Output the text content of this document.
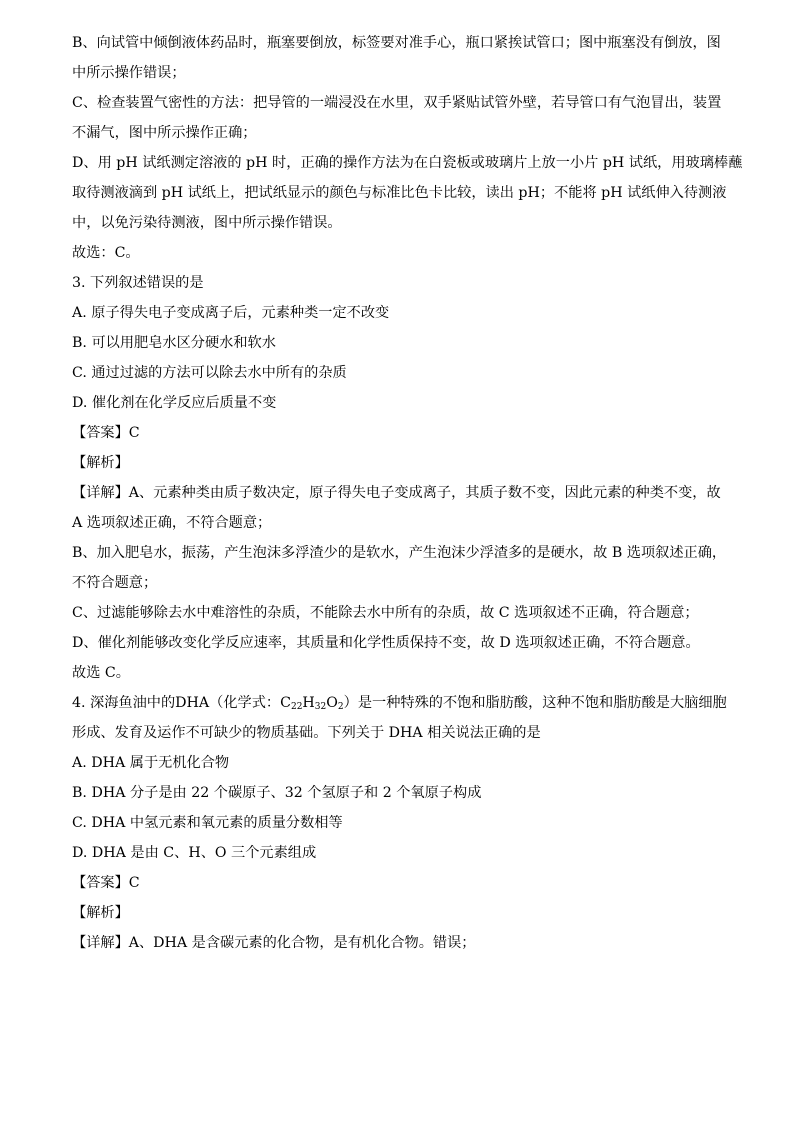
B、向试管中倾倒液体药品时，瓶塞要倒放，标签要对准手心，瓶口紧挨试管口；图中瓶塞没有倒放，图
中所示操作错误；
C、检查装置气密性的方法：把导管的一端浸没在水里，双手紧贴试管外壁，若导管口有气泡冒出，装置
不漏气，图中所示操作正确；
D、用 pH 试纸测定溶液的 pH 时，正确的操作方法为在白瓷板或玻璃片上放一小片 pH 试纸，用玻璃棒蘸
取待测液滴到 pH 试纸上，把试纸显示的颜色与标准比色卡比较，读出 pH；不能将 pH 试纸伸入待测液
中，以免污染待测液，图中所示操作错误。
故选：C。
3. 下列叙述错误的是
A. 原子得失电子变成离子后，元素种类一定不改变
B. 可以用肥皂水区分硬水和软水
C. 通过过滤的方法可以除去水中所有的杂质
D. 催化剂在化学反应后质量不变
【答案】C
【解析】
【详解】A、元素种类由质子数决定，原子得失电子变成离子，其质子数不变，因此元素的种类不变，故
A 选项叙述正确，不符合题意；
B、加入肥皂水，振荡，产生泡沫多浮渣少的是软水，产生泡沫少浮渣多的是硬水，故 B 选项叙述正确，
不符合题意；
C、过滤能够除去水中难溶性的杂质，不能除去水中所有的杂质，故 C 选项叙述不正确，符合题意；
D、催化剂能够改变化学反应速率，其质量和化学性质保持不变，故 D 选项叙述正确，不符合题意。
故选 C。
4. 深海鱼油中的DHA（化学式：$C_{22}H_{32}O_2$）是一种特殊的不饱和脂肪酸，这种不饱和脂肪酸是大脑细胞
形成、发育及运作不可缺少的物质基础。下列关于 DHA 相关说法正确的是
A. DHA 属于无机化合物
B. DHA 分子是由 22 个碳原子、32 个氢原子和 2 个氧原子构成
C. DHA 中氢元素和氧元素的质量分数相等
D. DHA 是由 C、H、O 三个元素组成
【答案】C
【解析】
【详解】A、DHA 是含碳元素的化合物，是有机化合物。错误；
